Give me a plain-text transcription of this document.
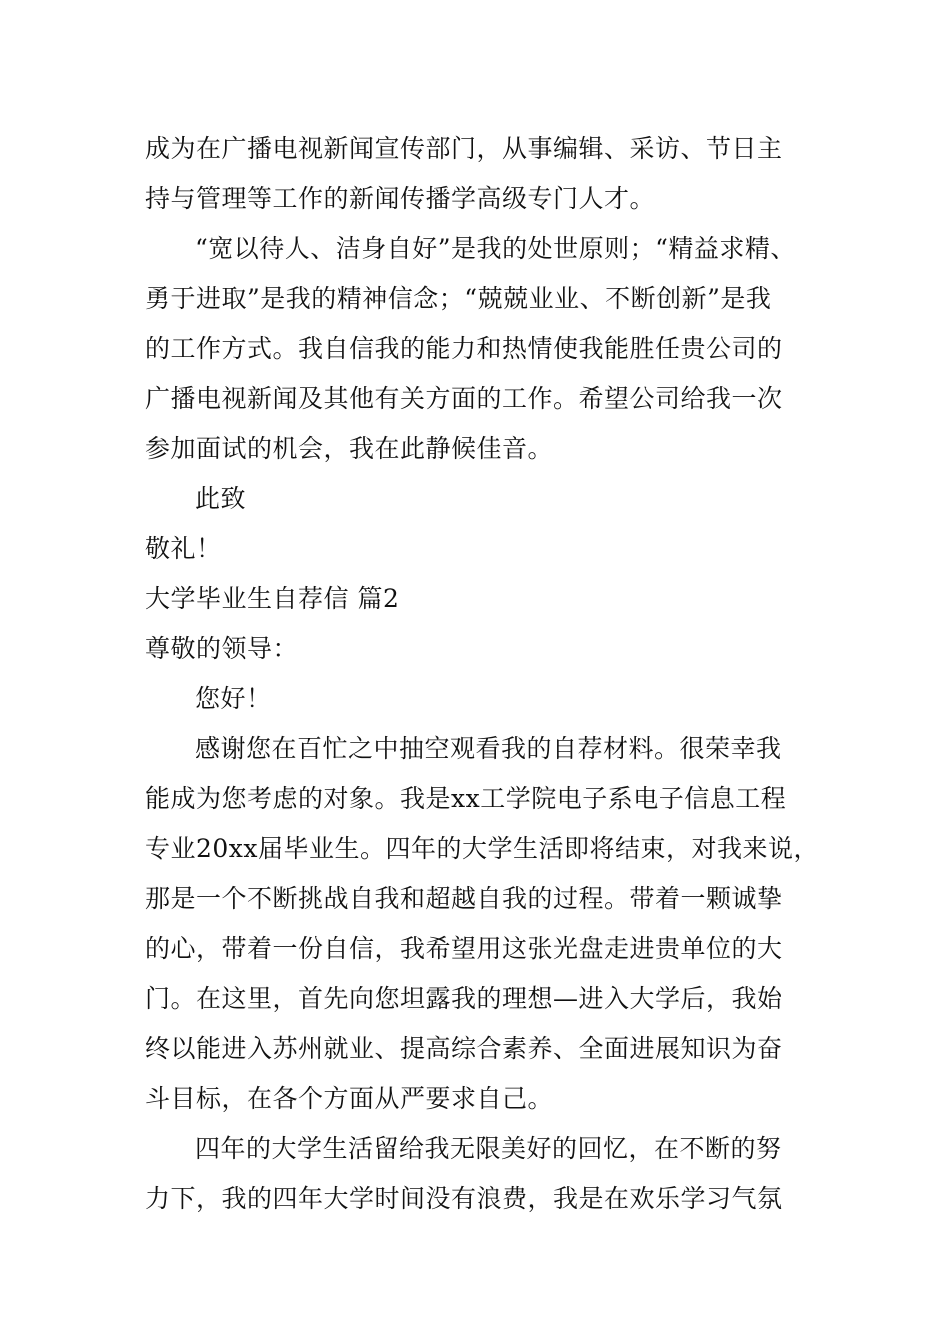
成为在广播电视新闻宣传部门，从事编辑、采访、节日主
持与管理等工作的新闻传播学高级专门人才。
“宽以待人、洁身自好”是我的处世原则；“精益求精、
勇于进取”是我的精神信念；“兢兢业业、不断创新”是我
的工作方式。我自信我的能力和热情使我能胜任贵公司的
广播电视新闻及其他有关方面的工作。希望公司给我一次
参加面试的机会，我在此静候佳音。
此致
敬礼！
大学毕业生自荐信 篇2
尊敬的领导：
您好！
感谢您在百忙之中抽空观看我的自荐材料。很荣幸我
能成为您考虑的对象。我是xx工学院电子系电子信息工程
专业20xx届毕业生。四年的大学生活即将结束，对我来说，
那是一个不断挑战自我和超越自我的过程。带着一颗诚挚
的心，带着一份自信，我希望用这张光盘走进贵单位的大
门。在这里，首先向您坦露我的理想—进入大学后，我始
终以能进入苏州就业、提高综合素养、全面进展知识为奋
斗目标，在各个方面从严要求自己。
四年的大学生活留给我无限美好的回忆，在不断的努
力下，我的四年大学时间没有浪费，我是在欢乐学习气氛
